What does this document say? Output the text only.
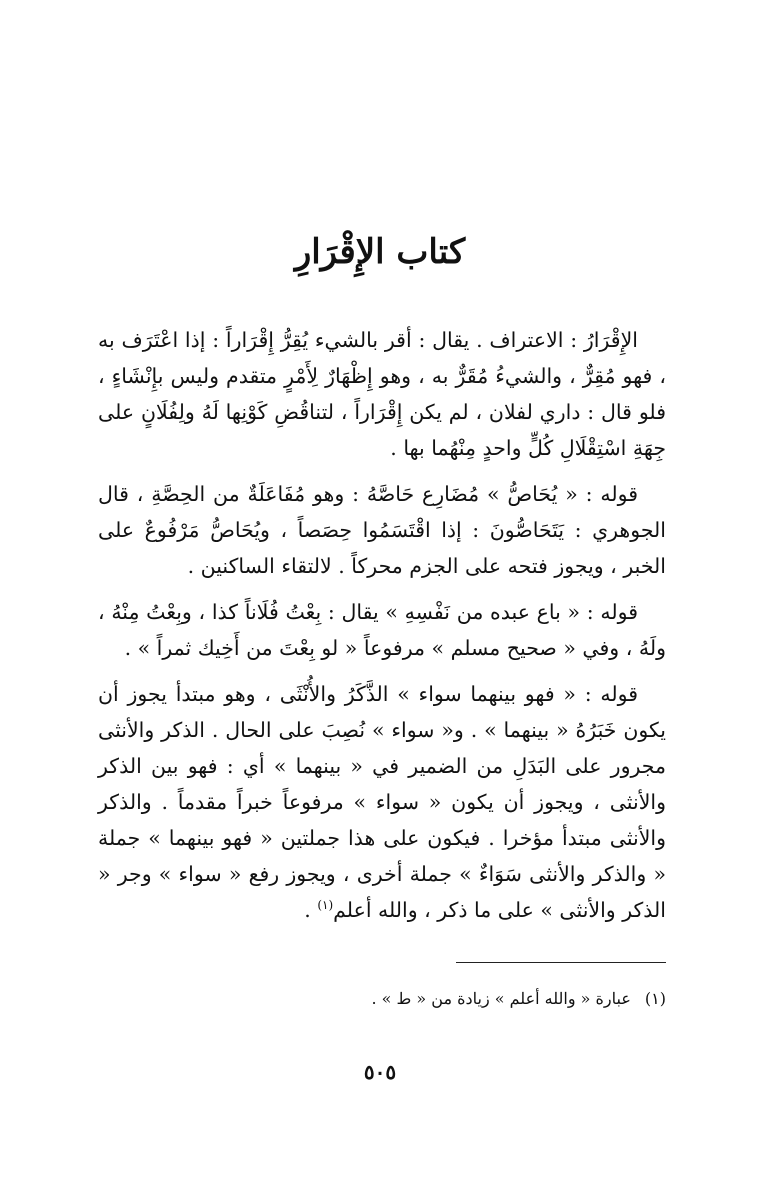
كتاب الإِقْرَارِ

الإِقْرَارُ : الاعتراف . يقال : أقر بالشيء يُقِرُّ إِقْرَاراً : إذا اعْتَرَف به ، فهو مُقِرٌّ ، والشيءُ مُقَرٌّ به ، وهو إِظْهَارٌ لِأَمْرٍ متقدم وليس بإِنْشَاءٍ ، فلو قال : داري لفلان ، لم يكن إِقْرَاراً ، لتناقُضِ كَوْنِها لَهُ ولِفُلَانٍ على جِهَةِ اسْتِقْلَالِ كُلٍّ واحدٍ مِنْهُما بها .

قوله : « يُحَاصُّ » مُضَارِع حَاصَّهُ : وهو مُفَاعَلَةٌ من الحِصَّةِ ، قال الجوهري : يَتَحَاصُّونَ : إذا اقْتَسَمُوا حِصَصاً ، ويُحَاصُّ مَرْفُوعٌ على الخبر ، ويجوز فتحه على الجزم محركاً . لالتقاء الساكنين .

قوله : « باع عبده من نَفْسِهِ » يقال : بِعْتُ فُلَاناً كذا ، وبِعْتُ مِنْهُ ، ولَهُ ، وفي « صحيح مسلم » مرفوعاً « لو بِعْتَ من أَخِيك ثمراً » .

قوله : « فهو بينهما سواء » الذَّكَرُ والأُنْثَى ، وهو مبتدأ يجوز أن يكون خَبَرُهُ « بينهما » . و« سواء » نُصِبَ على الحال . الذكر والأنثى مجرور على البَدَلِ من الضمير في « بينهما » أي : فهو بين الذكر والأنثى ، ويجوز أن يكون « سواء » مرفوعاً خبراً مقدماً . والذكر والأنثى مبتدأ مؤخرا . فيكون على هذا جملتين « فهو بينهما » جملة « والذكر والأنثى سَوَاءٌ » جملة أخرى ، ويجوز رفع « سواء » وجر « الذكر والأنثى » على ما ذكر ، والله أعلم$^{(١)}$ .

(١)عبارة « والله أعلم » زيادة من « ط » .
٥٠٥
